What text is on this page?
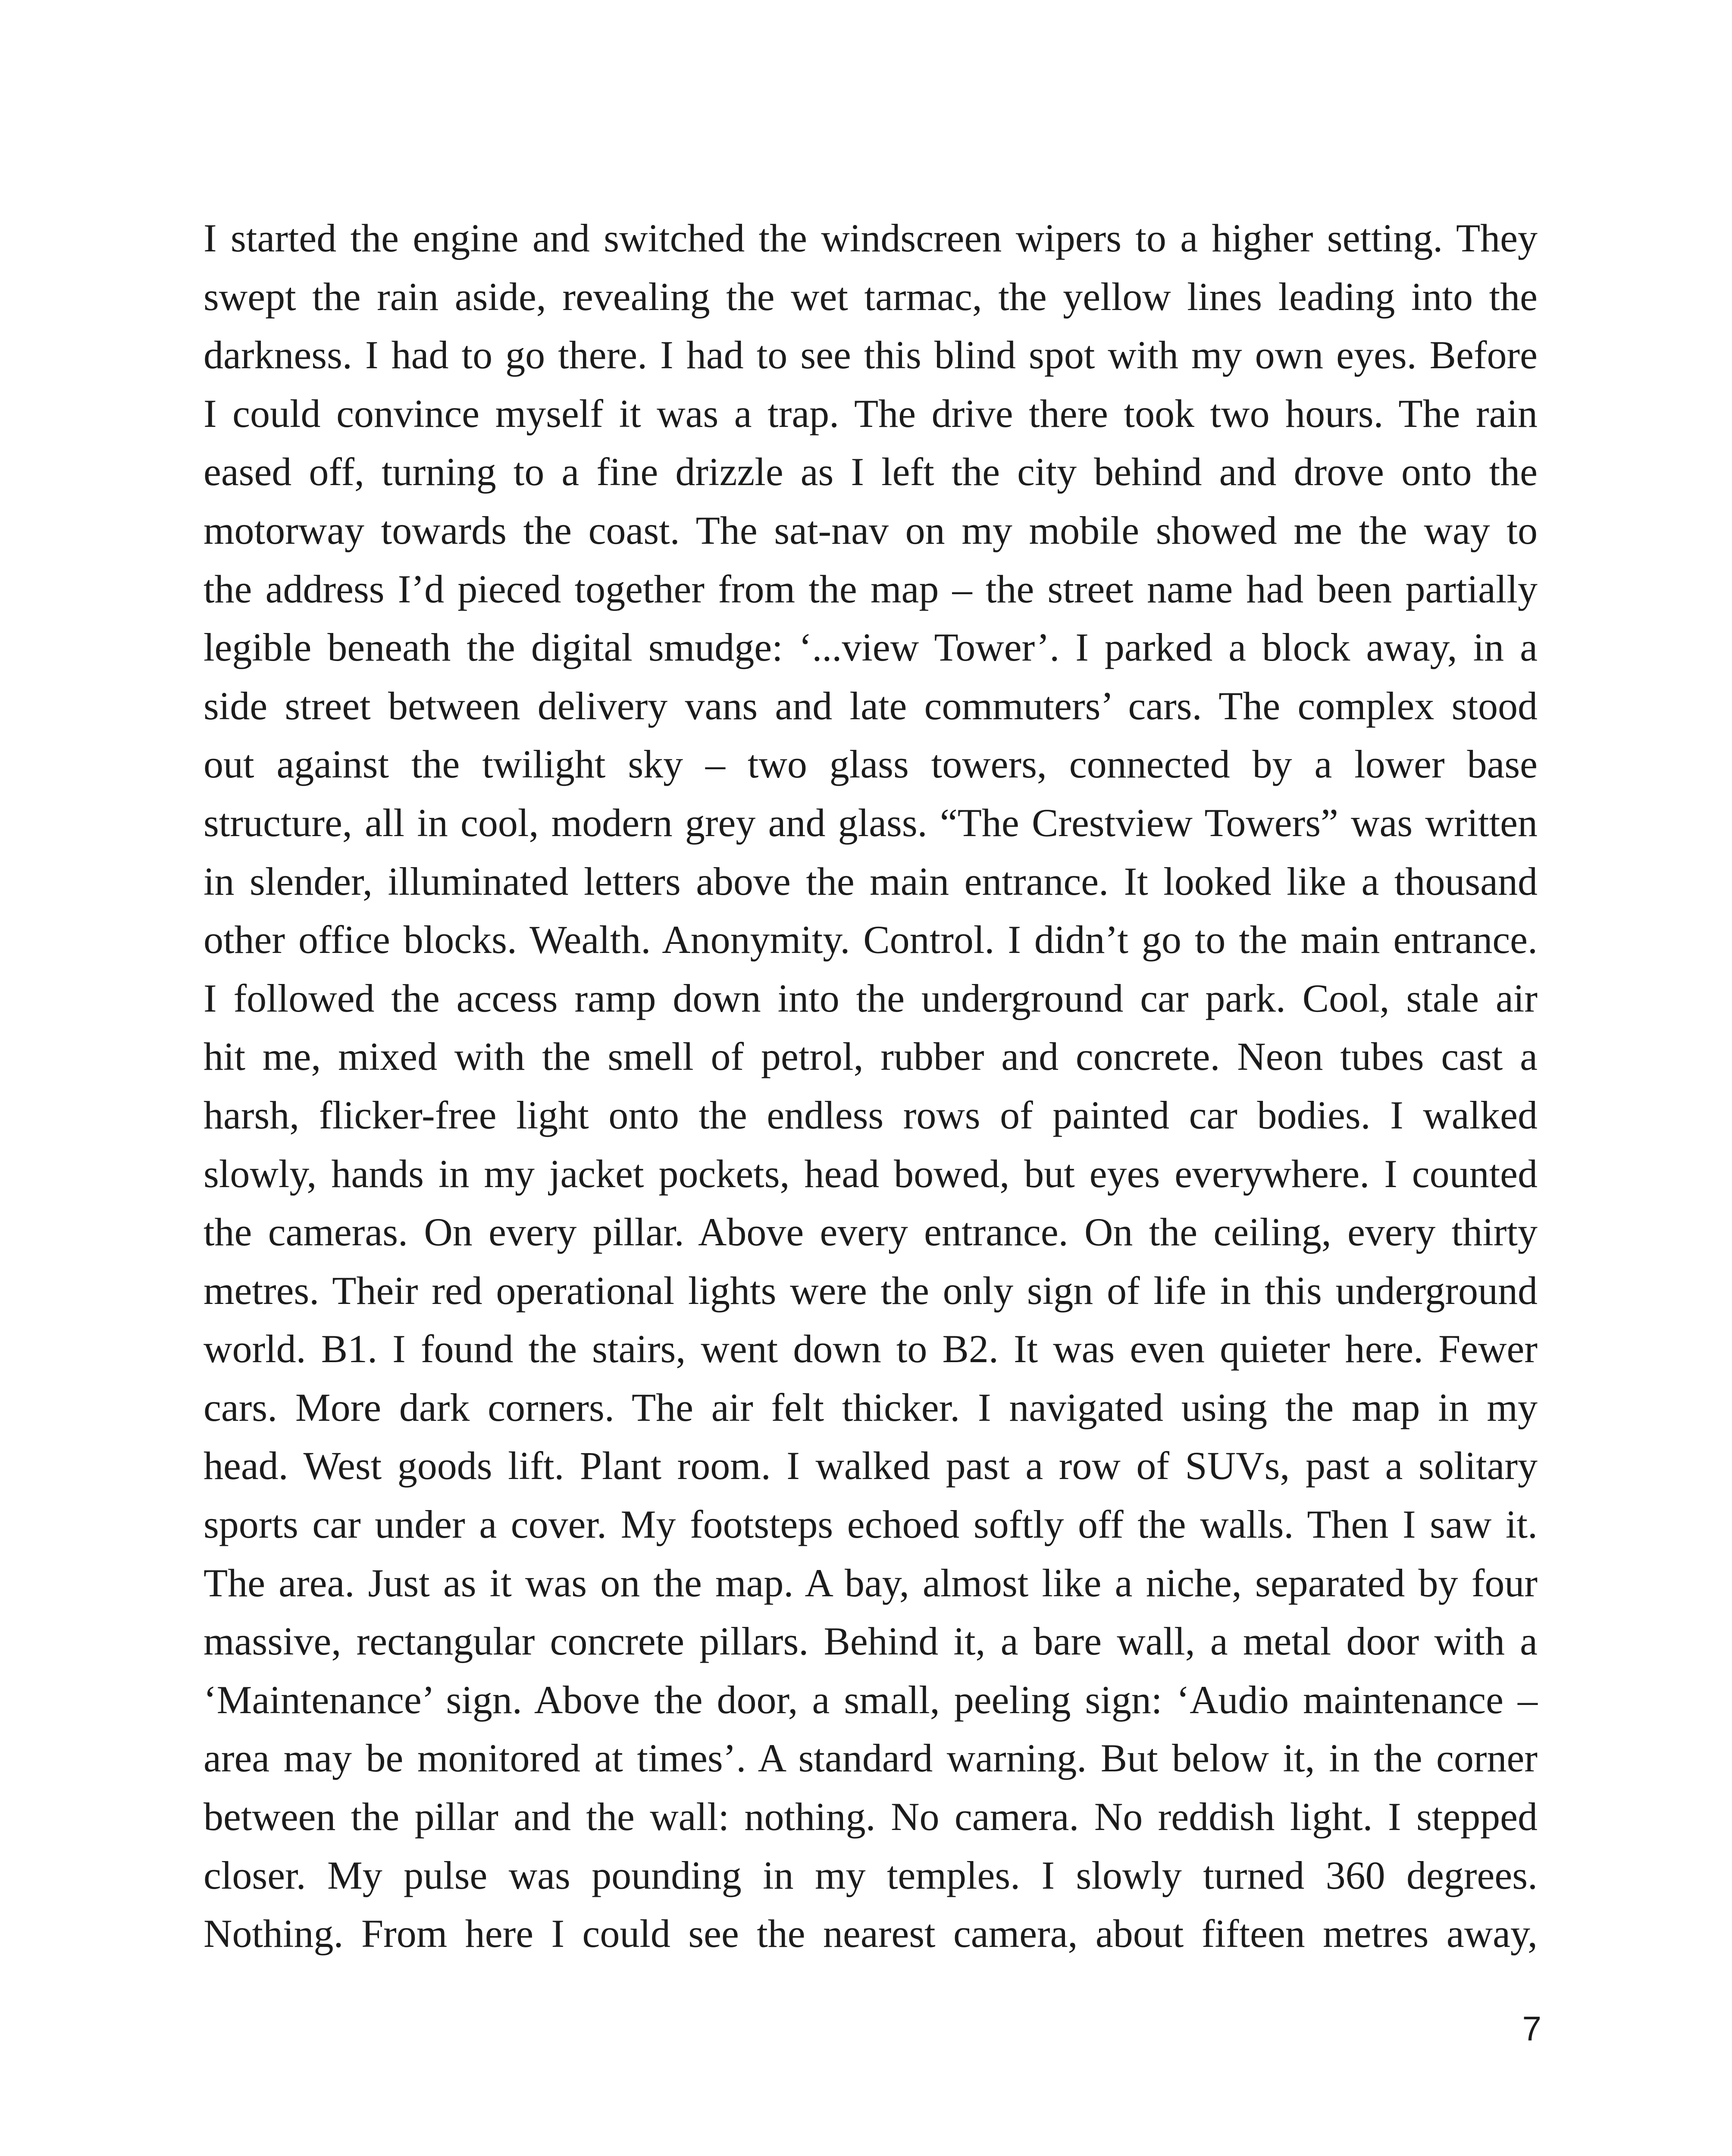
I started the engine and switched the windscreen wipers to a higher setting. They
swept the rain aside, revealing the wet tarmac, the yellow lines leading into the
darkness. I had to go there. I had to see this blind spot with my own eyes. Before
I could convince myself it was a trap. The drive there took two hours. The rain
eased off, turning to a fine drizzle as I left the city behind and drove onto the
motorway towards the coast. The sat-nav on my mobile showed me the way to
the address I’d pieced together from the map – the street name had been partially
legible beneath the digital smudge: ‘...view Tower’. I parked a block away, in a
side street between delivery vans and late commuters’ cars. The complex stood
out against the twilight sky – two glass towers, connected by a lower base
structure, all in cool, modern grey and glass. “The Crestview Towers” was written
in slender, illuminated letters above the main entrance. It looked like a thousand
other office blocks. Wealth. Anonymity. Control. I didn’t go to the main entrance.
I followed the access ramp down into the underground car park. Cool, stale air
hit me, mixed with the smell of petrol, rubber and concrete. Neon tubes cast a
harsh, flicker-free light onto the endless rows of painted car bodies. I walked
slowly, hands in my jacket pockets, head bowed, but eyes everywhere. I counted
the cameras. On every pillar. Above every entrance. On the ceiling, every thirty
metres. Their red operational lights were the only sign of life in this underground
world. B1. I found the stairs, went down to B2. It was even quieter here. Fewer
cars. More dark corners. The air felt thicker. I navigated using the map in my
head. West goods lift. Plant room. I walked past a row of SUVs, past a solitary
sports car under a cover. My footsteps echoed softly off the walls. Then I saw it.
The area. Just as it was on the map. A bay, almost like a niche, separated by four
massive, rectangular concrete pillars. Behind it, a bare wall, a metal door with a
‘Maintenance’ sign. Above the door, a small, peeling sign: ‘Audio maintenance –
area may be monitored at times’. A standard warning. But below it, in the corner
between the pillar and the wall: nothing. No camera. No reddish light. I stepped
closer. My pulse was pounding in my temples. I slowly turned 360 degrees.
Nothing. From here I could see the nearest camera, about fifteen metres away,
7
